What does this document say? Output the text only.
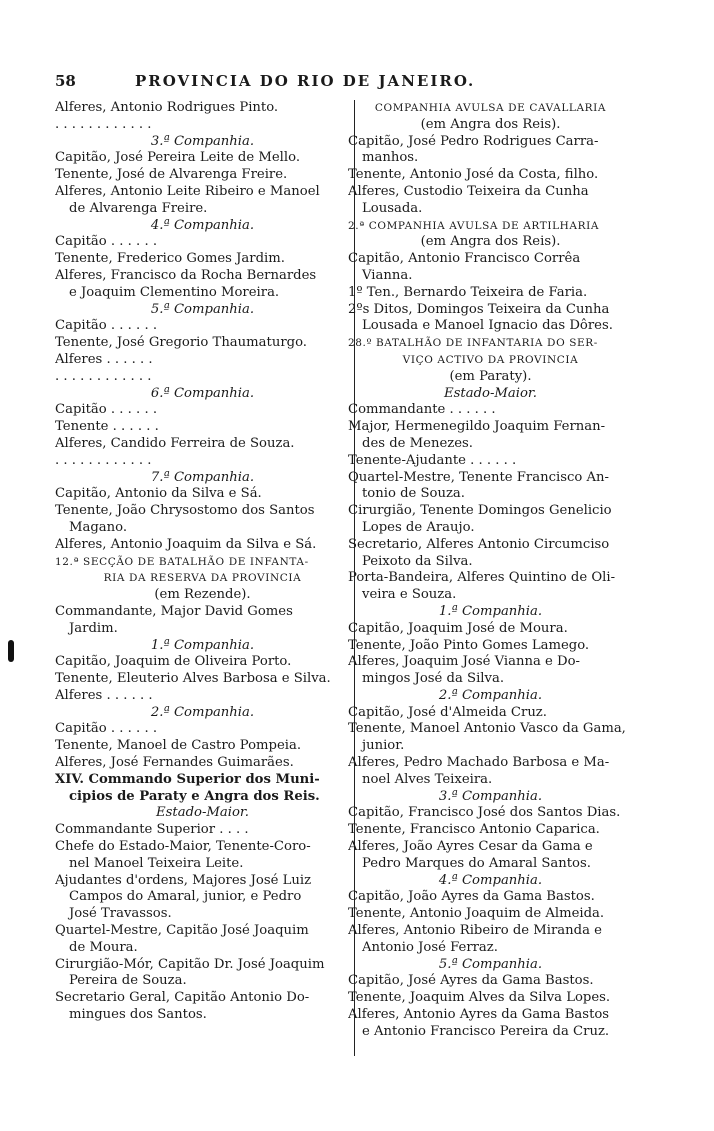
58	PROVINCIA DO RIO DE JANEIRO.
Alferes, Antonio Rodrigues Pinto.
. . . . . . . . . . . .
3.ª Companhia.
Capitão, José Pereira Leite de Mello.
Tenente, José de Alvarenga Freire.
Alferes, Antonio Leite Ribeiro e Manoel
de Alvarenga Freire.
4.ª Companhia.
Capitão . . . . . .
Tenente, Frederico Gomes Jardim.
Alferes, Francisco da Rocha Bernardes
e Joaquim Clementino Moreira.
5.ª Companhia.
Capitão . . . . . .
Tenente, José Gregorio Thaumaturgo.
Alferes . . . . . .
. . . . . . . . . . . .
6.ª Companhia.
Capitão . . . . . .
Tenente . . . . . .
Alferes, Candido Ferreira de Souza.
. . . . . . . . . . . .
7.ª Companhia.
Capitão, Antonio da Silva e Sá.
Tenente, João Chrysostomo dos Santos
Magano.
Alferes, Antonio Joaquim da Silva e Sá.
12.ª SECÇÃO DE BATALHÃO DE INFANTA-
RIA DA RESERVA DA PROVINCIA
(em Rezende).
Commandante, Major David Gomes
Jardim.
1.ª Companhia.
Capitão, Joaquim de Oliveira Porto.
Tenente, Eleuterio Alves Barbosa e Silva.
Alferes . . . . . .
2.ª Companhia.
Capitão . . . . . .
Tenente, Manoel de Castro Pompeia.
Alferes, José Fernandes Guimarães.
XIV. Commando Superior dos Muni-
cipios de Paraty e Angra dos Reis.
Estado-Maior.
Commandante Superior . . . .
Chefe do Estado-Maior, Tenente-Coro-
nel Manoel Teixeira Leite.
Ajudantes d'ordens, Majores José Luiz
Campos do Amaral, junior, e Pedro
José Travassos.
Quartel-Mestre, Capitão José Joaquim
de Moura.
Cirurgião-Mór, Capitão Dr. José Joaquim
Pereira de Souza.
Secretario Geral, Capitão Antonio Do-
mingues dos Santos.
COMPANHIA AVULSA DE CAVALLARIA
(em Angra dos Reis).
Capitão, José Pedro Rodrigues Carra-
manhos.
Tenente, Antonio José da Costa, filho.
Alferes, Custodio Teixeira da Cunha
Lousada.
2.ª COMPANHIA AVULSA DE ARTILHARIA
(em Angra dos Reis).
Capitão, Antonio Francisco Corrêa
Vianna.
1º Ten., Bernardo Teixeira de Faria.
2ºs Ditos, Domingos Teixeira da Cunha
Lousada e Manoel Ignacio das Dôres.
28.º BATALHÃO DE INFANTARIA DO SER-
VIÇO ACTIVO DA PROVINCIA
(em Paraty).
Estado-Maior.
Commandante . . . . . .
Major, Hermenegildo Joaquim Fernan-
des de Menezes.
Tenente-Ajudante . . . . . .
Quartel-Mestre, Tenente Francisco An-
tonio de Souza.
Cirurgião, Tenente Domingos Genelicio
Lopes de Araujo.
Secretario, Alferes Antonio Circumciso
Peixoto da Silva.
Porta-Bandeira, Alferes Quintino de Oli-
veira e Souza.
1.ª Companhia.
Capitão, Joaquim José de Moura.
Tenente, João Pinto Gomes Lamego.
Alferes, Joaquim José Vianna e Do-
mingos José da Silva.
2.ª Companhia.
Capitão, José d'Almeida Cruz.
Tenente, Manoel Antonio Vasco da Gama,
junior.
Alferes, Pedro Machado Barbosa e Ma-
noel Alves Teixeira.
3.ª Companhia.
Capitão, Francisco José dos Santos Dias.
Tenente, Francisco Antonio Caparica.
Alferes, João Ayres Cesar da Gama e
Pedro Marques do Amaral Santos.
4.ª Companhia.
Capitão, João Ayres da Gama Bastos.
Tenente, Antonio Joaquim de Almeida.
Alferes, Antonio Ribeiro de Miranda e
Antonio José Ferraz.
5.ª Companhia.
Capitão, José Ayres da Gama Bastos.
Tenente, Joaquim Alves da Silva Lopes.
Alferes, Antonio Ayres da Gama Bastos
e Antonio Francisco Pereira da Cruz.
